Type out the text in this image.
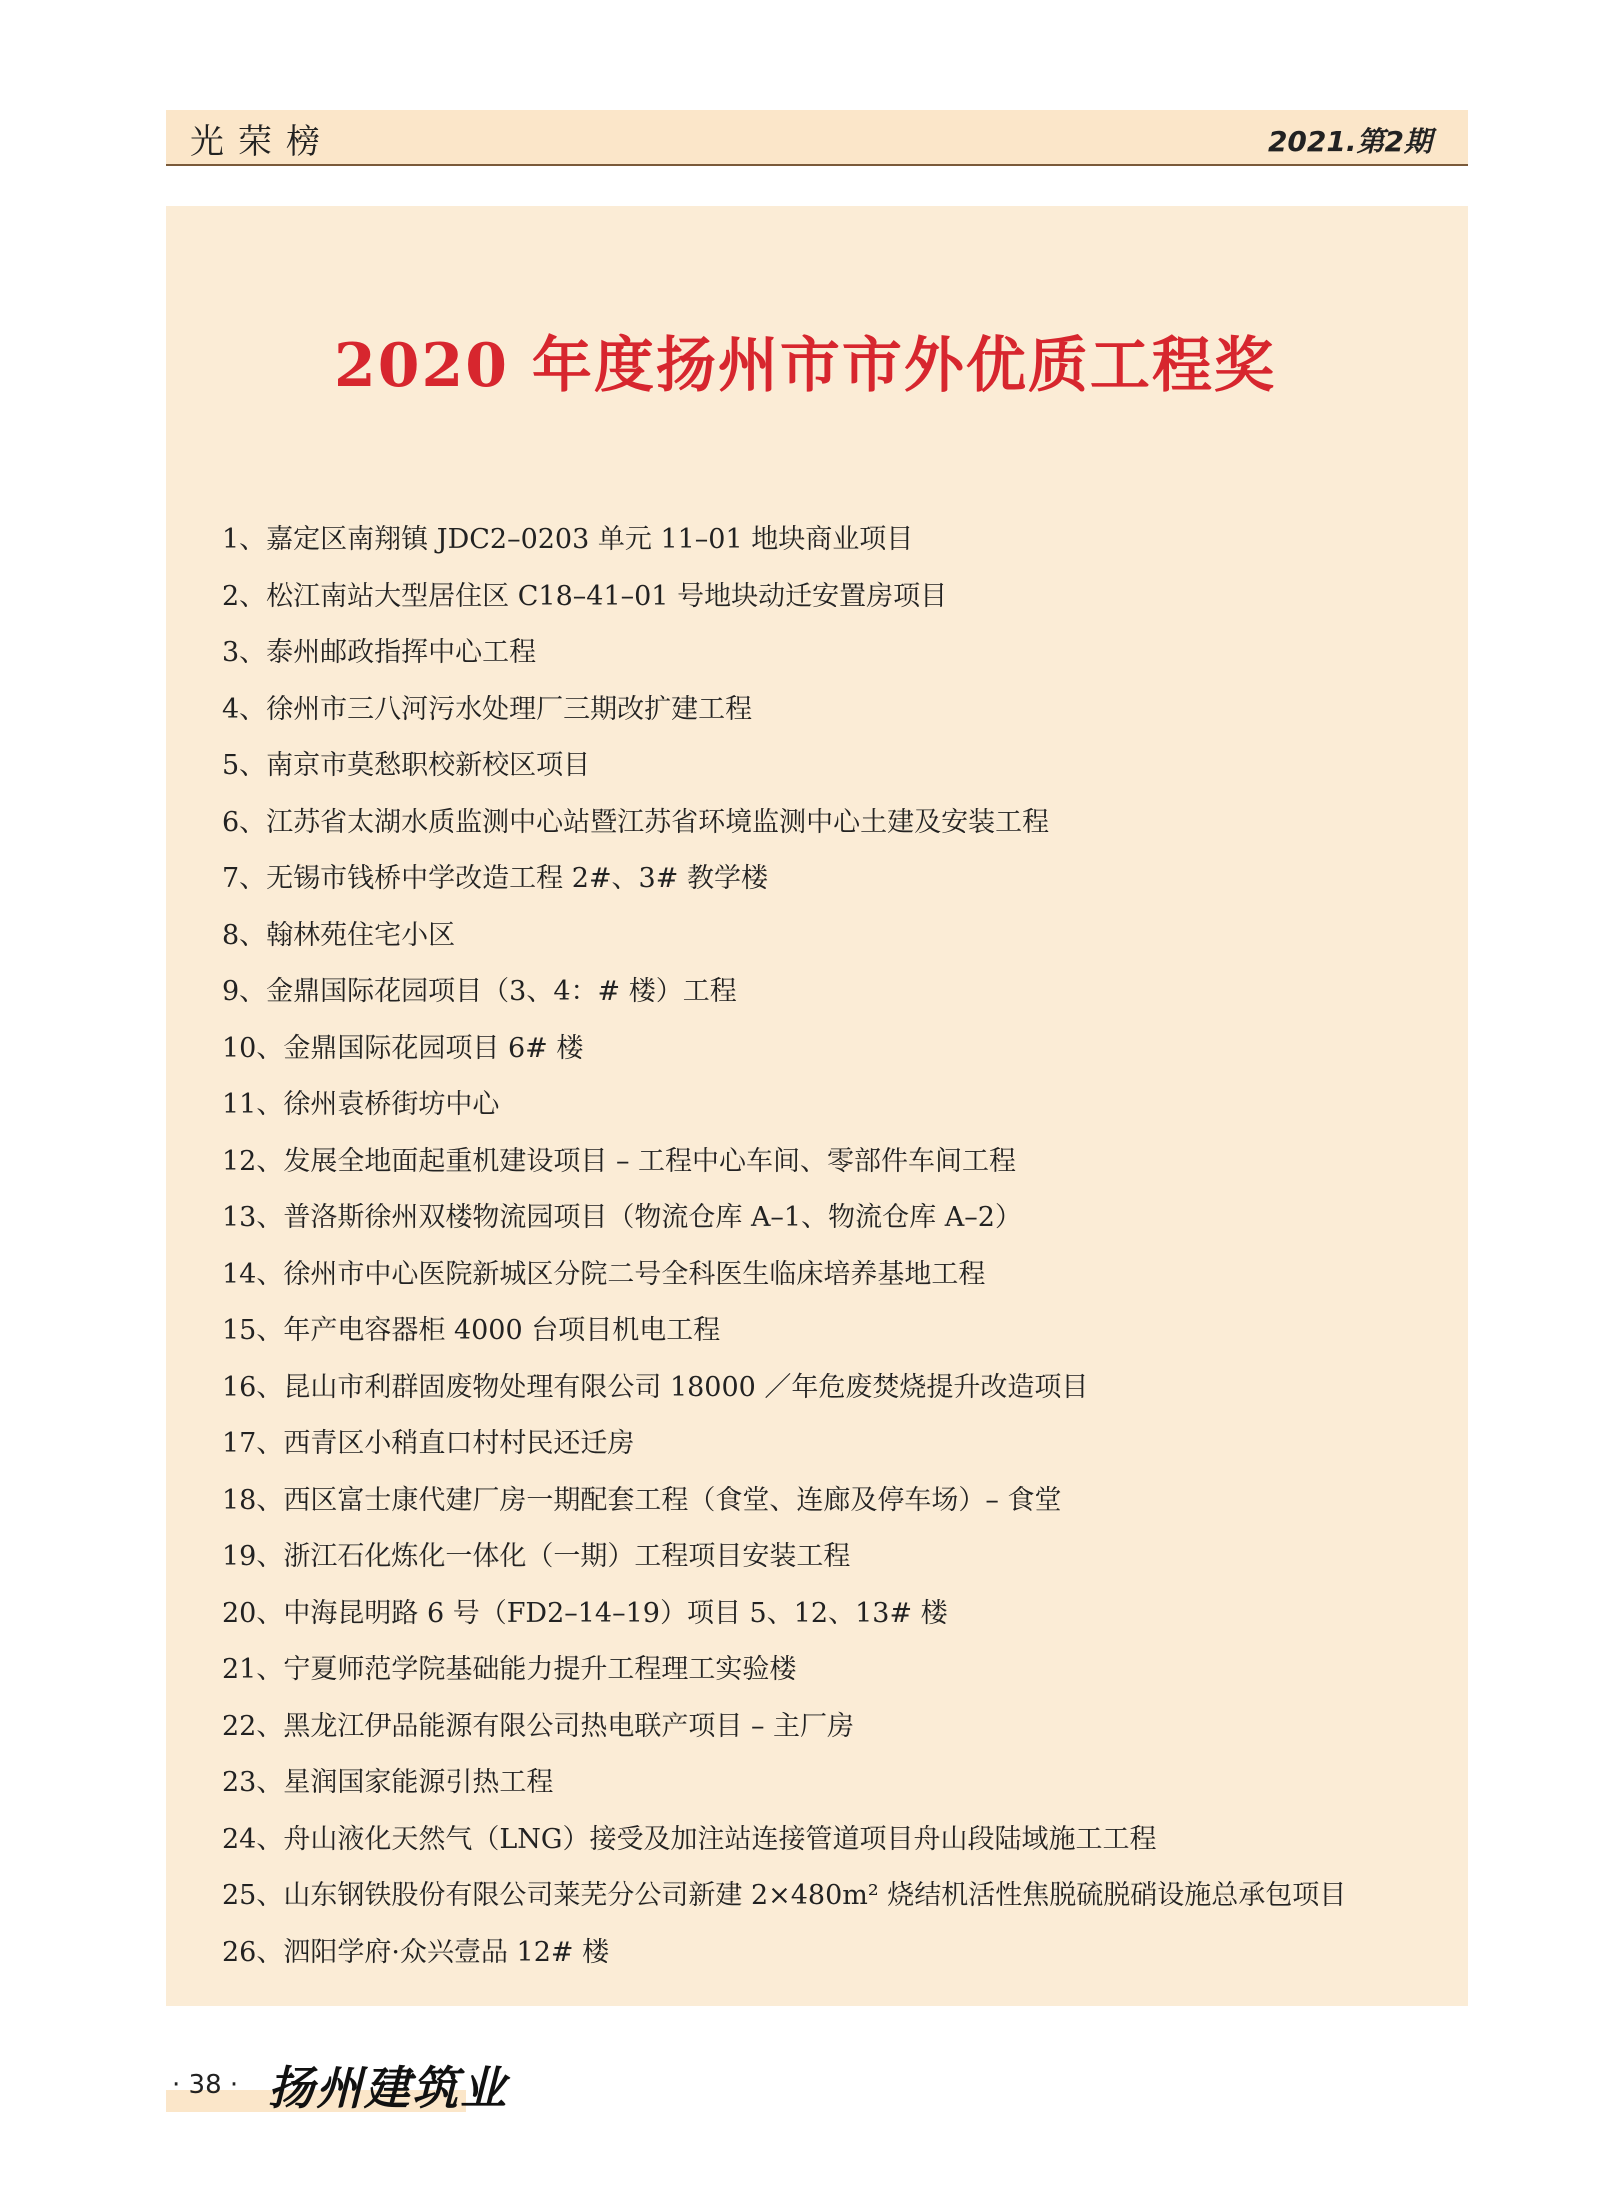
光荣榜	2021.第2期
2020 年度扬州市市外优质工程奖
1、嘉定区南翔镇 JDC2–0203 单元 11–01 地块商业项目
2、松江南站大型居住区 C18–41–01 号地块动迁安置房项目
3、泰州邮政指挥中心工程
4、徐州市三八河污水处理厂三期改扩建工程
5、南京市莫愁职校新校区项目
6、江苏省太湖水质监测中心站暨江苏省环境监测中心土建及安装工程
7、无锡市钱桥中学改造工程 2#、3# 教学楼
8、翰林苑住宅小区
9、金鼎国际花园项目（3、4：# 楼）工程
10、金鼎国际花园项目 6# 楼
11、徐州袁桥街坊中心
12、发展全地面起重机建设项目 – 工程中心车间、零部件车间工程
13、普洛斯徐州双楼物流园项目（物流仓库 A–1、物流仓库 A–2）
14、徐州市中心医院新城区分院二号全科医生临床培养基地工程
15、年产电容器柜 4000 台项目机电工程
16、昆山市利群固废物处理有限公司 18000 ／年危废焚烧提升改造项目
17、西青区小稍直口村村民还迁房
18、西区富士康代建厂房一期配套工程（食堂、连廊及停车场）– 食堂
19、浙江石化炼化一体化（一期）工程项目安装工程
20、中海昆明路 6 号（FD2–14–19）项目 5、12、13# 楼
21、宁夏师范学院基础能力提升工程理工实验楼
22、黑龙江伊品能源有限公司热电联产项目 – 主厂房
23、星润国家能源引热工程
24、舟山液化天然气（LNG）接受及加注站连接管道项目舟山段陆域施工工程
25、山东钢铁股份有限公司莱芜分公司新建 2×480m² 烧结机活性焦脱硫脱硝设施总承包项目
26、泗阳学府·众兴壹品 12# 楼
· 38 · 扬州建筑业
